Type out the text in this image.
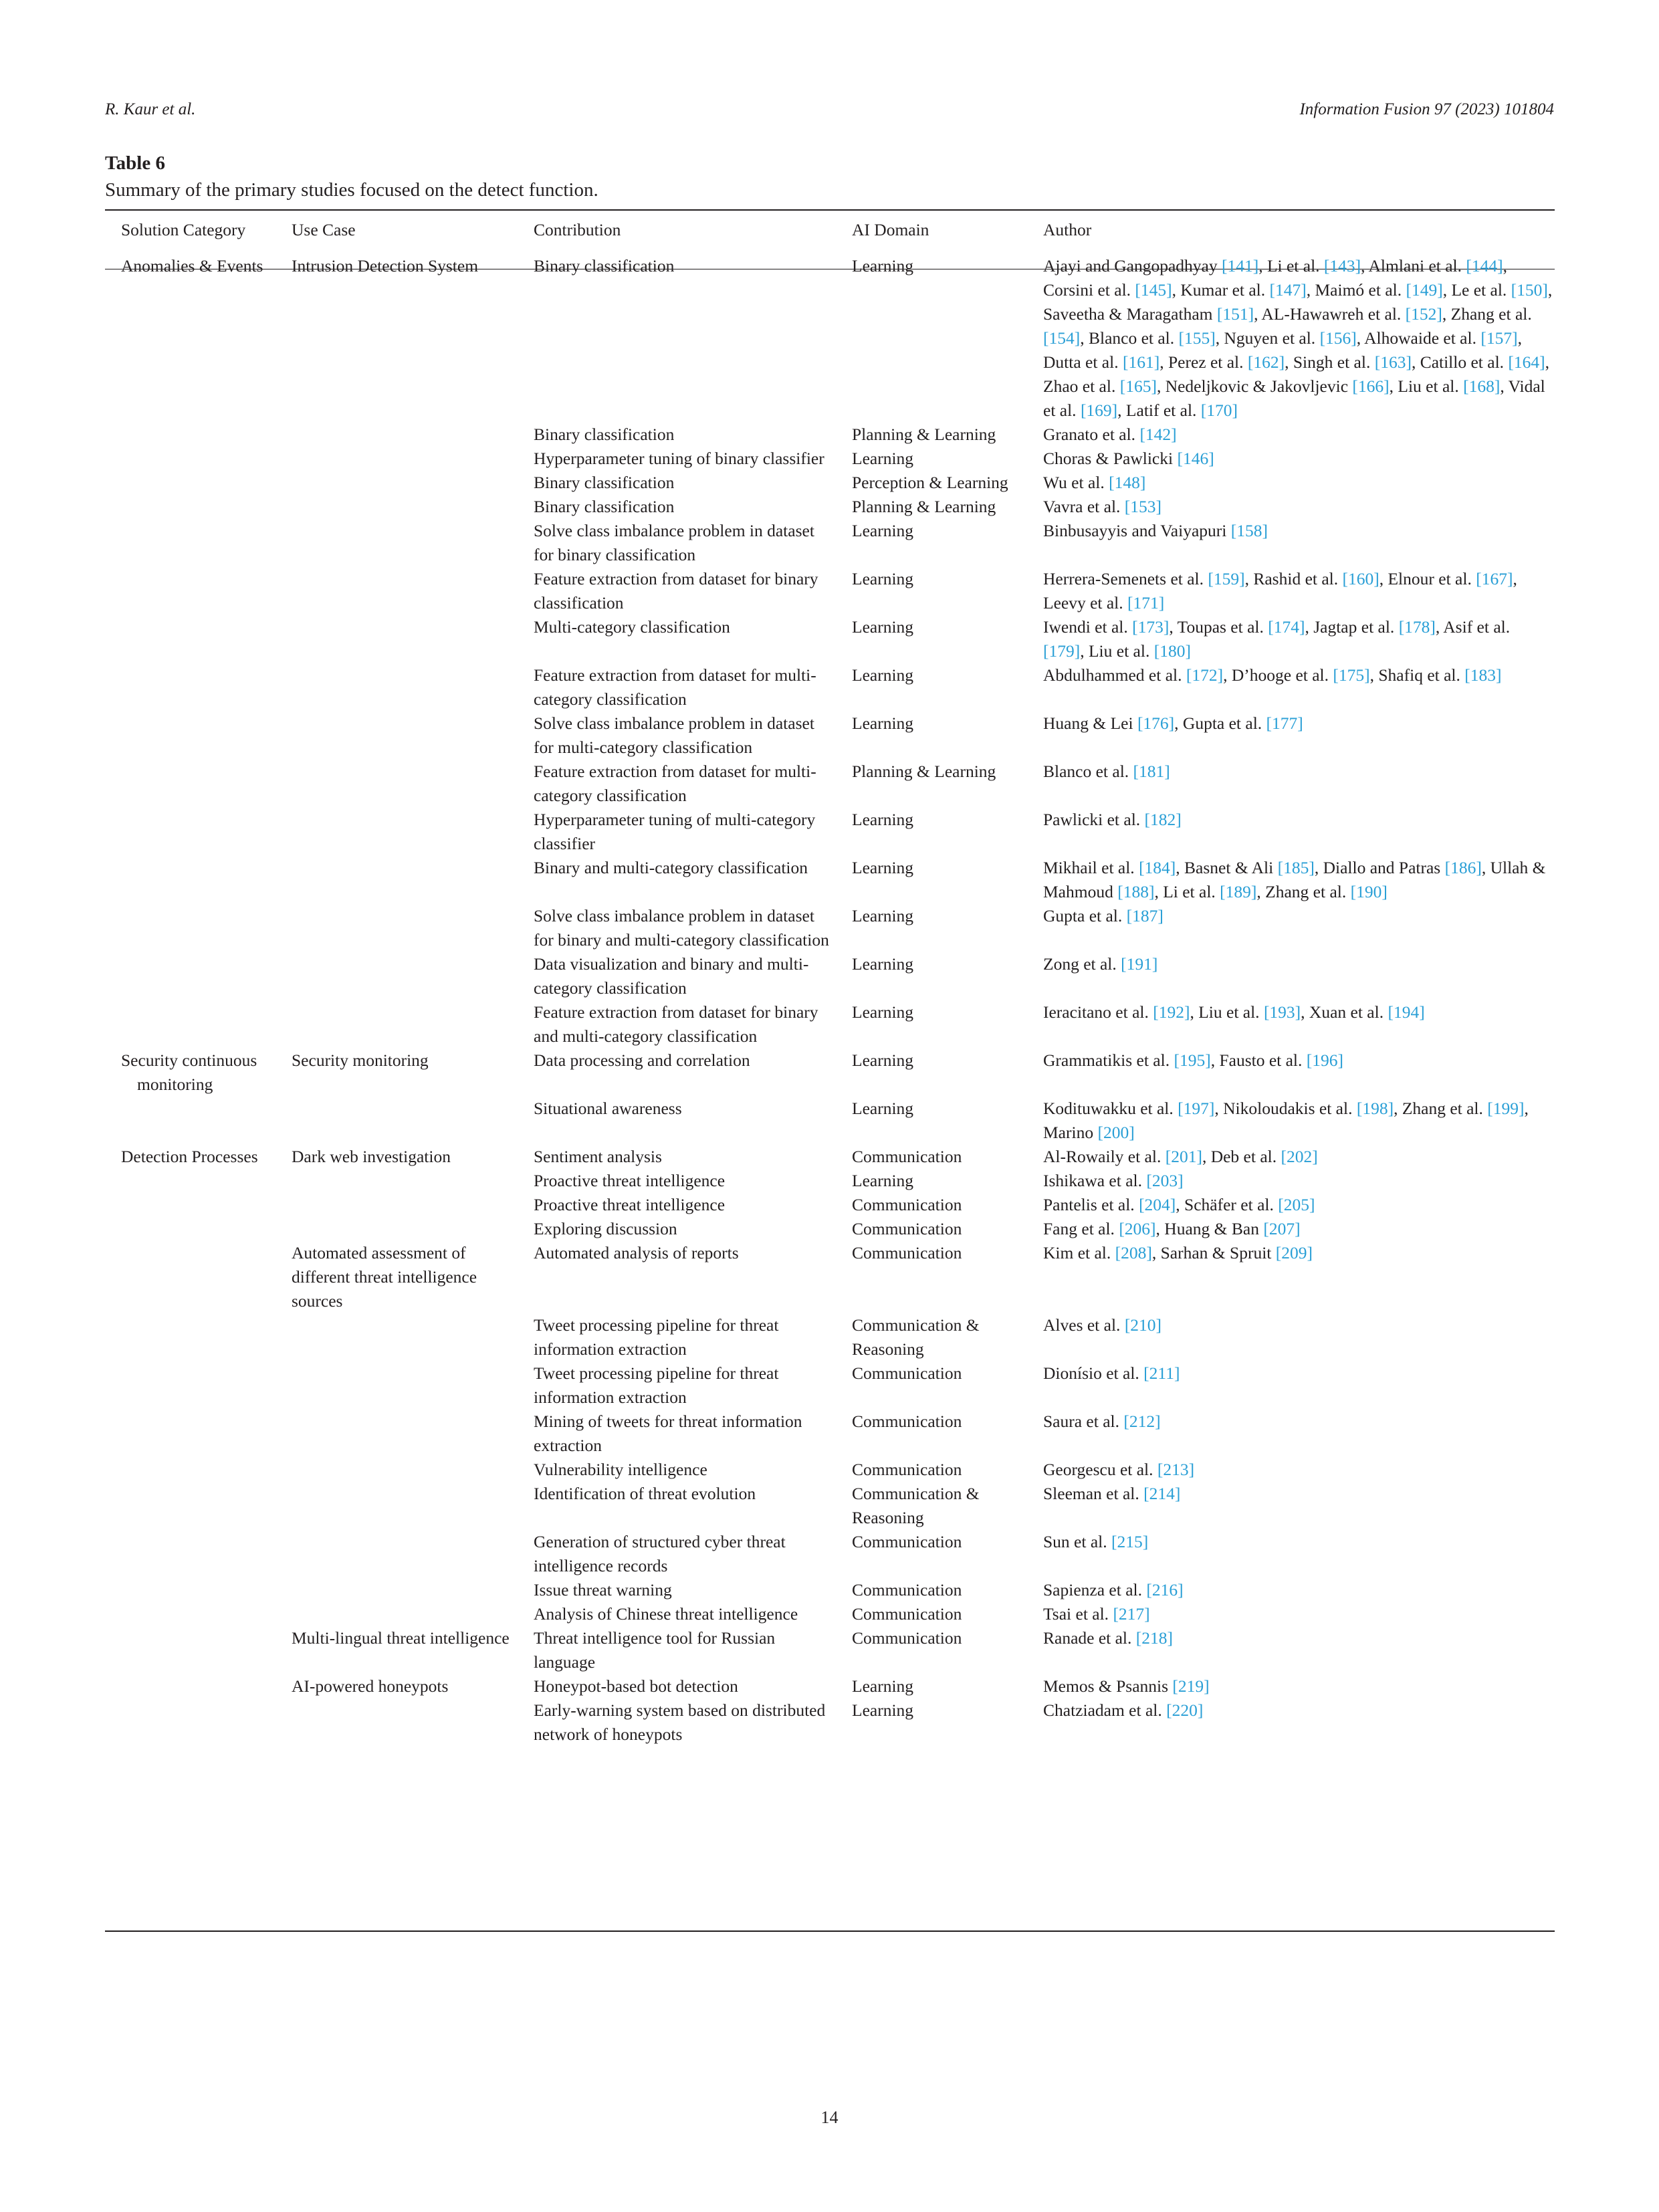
R. Kaur et al.	Information Fusion 97 (2023) 101804
Table 6
Summary of the primary studies focused on the detect function.
Solution Category	Use Case	Contribution	AI Domain	Author
Anomalies & Events	Intrusion Detection System	Binary classification	Learning	Ajayi and Gangopadhyay [141], Li et al. [143], Almlani et al. [144], Corsini et al. [145], Kumar et al. [147], Maimó et al. [149], Le et al. [150], Saveetha & Maragatham [151], AL-Hawawreh et al. [152], Zhang et al. [154], Blanco et al. [155], Nguyen et al. [156], Alhowaide et al. [157], Dutta et al. [161], Perez et al. [162], Singh et al. [163], Catillo et al. [164], Zhao et al. [165], Nedeljkovic & Jakovljevic [166], Liu et al. [168], Vidal et al. [169], Latif et al. [170]
		Binary classification	Planning & Learning	Granato et al. [142]
		Hyperparameter tuning of binary classifier	Learning	Choras & Pawlicki [146]
		Binary classification	Perception & Learning	Wu et al. [148]
		Binary classification	Planning & Learning	Vavra et al. [153]
		Solve class imbalance problem in dataset for binary classification	Learning	Binbusayyis and Vaiyapuri [158]
		Feature extraction from dataset for binary classification	Learning	Herrera-Semenets et al. [159], Rashid et al. [160], Elnour et al. [167], Leevy et al. [171]
		Multi-category classification	Learning	Iwendi et al. [173], Toupas et al. [174], Jagtap et al. [178], Asif et al. [179], Liu et al. [180]
		Feature extraction from dataset for multi-category classification	Learning	Abdulhammed et al. [172], D’hooge et al. [175], Shafiq et al. [183]
		Solve class imbalance problem in dataset for multi-category classification	Learning	Huang & Lei [176], Gupta et al. [177]
		Feature extraction from dataset for multi-category classification	Planning & Learning	Blanco et al. [181]
		Hyperparameter tuning of multi-category classifier	Learning	Pawlicki et al. [182]
		Binary and multi-category classification	Learning	Mikhail et al. [184], Basnet & Ali [185], Diallo and Patras [186], Ullah & Mahmoud [188], Li et al. [189], Zhang et al. [190]
		Solve class imbalance problem in dataset for binary and multi-category classification	Learning	Gupta et al. [187]
		Data visualization and binary and multi-category classification	Learning	Zong et al. [191]
		Feature extraction from dataset for binary and multi-category classification	Learning	Ieracitano et al. [192], Liu et al. [193], Xuan et al. [194]
Security continuous monitoring	Security monitoring	Data processing and correlation	Learning	Grammatikis et al. [195], Fausto et al. [196]
		Situational awareness	Learning	Kodituwakku et al. [197], Nikoloudakis et al. [198], Zhang et al. [199], Marino [200]
Detection Processes	Dark web investigation	Sentiment analysis	Communication	Al-Rowaily et al. [201], Deb et al. [202]
		Proactive threat intelligence	Learning	Ishikawa et al. [203]
		Proactive threat intelligence	Communication	Pantelis et al. [204], Schäfer et al. [205]
		Exploring discussion	Communication	Fang et al. [206], Huang & Ban [207]
	Automated assessment of different threat intelligence sources	Automated analysis of reports	Communication	Kim et al. [208], Sarhan & Spruit [209]
		Tweet processing pipeline for threat information extraction	Communication & Reasoning	Alves et al. [210]
		Tweet processing pipeline for threat information extraction	Communication	Dionísio et al. [211]
		Mining of tweets for threat information extraction	Communication	Saura et al. [212]
		Vulnerability intelligence	Communication	Georgescu et al. [213]
		Identification of threat evolution	Communication & Reasoning	Sleeman et al. [214]
		Generation of structured cyber threat intelligence records	Communication	Sun et al. [215]
		Issue threat warning	Communication	Sapienza et al. [216]
		Analysis of Chinese threat intelligence	Communication	Tsai et al. [217]
	Multi-lingual threat intelligence	Threat intelligence tool for Russian language	Communication	Ranade et al. [218]
	AI-powered honeypots	Honeypot-based bot detection	Learning	Memos & Psannis [219]
		Early-warning system based on distributed network of honeypots	Learning	Chatziadam et al. [220]
14
